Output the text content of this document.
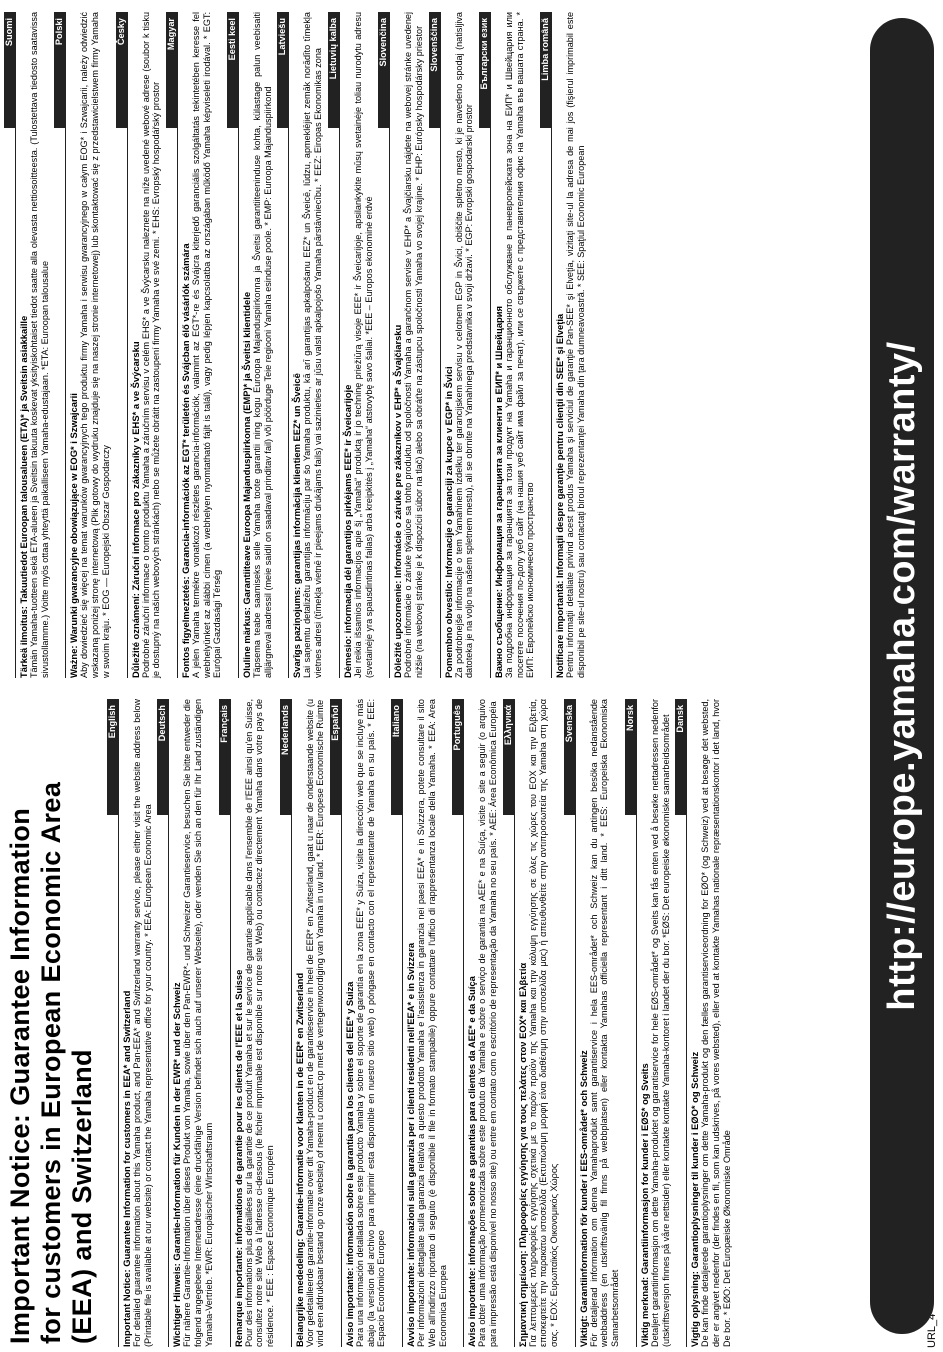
URL_4
Important Notice: Guarantee Information for customers in European Economic Area (EEA) and Switzerland
English
Important Notice: Guarantee Information for customers in EEA* and Switzerland For detailed guarantee information about this Yamaha product, and Pan-EEA* and Switzerland warranty service, please either visit the website address below (Printable file is available at our website) or contact the Yamaha representative office for your country. * EEA: European Economic Area
Deutsch
Wichtiger Hinweis: Garantie-Information für Kunden in der EWR* und der Schweiz Für nähere Garantie-Information über dieses Produkt von Yamaha, sowie über den Pan-EWR*- und Schweizer Garantieservice, besuchen Sie bitte entweder die folgend angegebene Internetadresse (eine druckfähige Version befindet sich auch auf unserer Webseite), oder wenden Sie sich an den für Ihr Land zuständigen Yamaha-Vertrieb. *EWR: Europäischer Wirtschaftsraum
Français
Remarque importante: informations de garantie pour les clients de l'EEE et la Suisse Pour des informations plus détaillées sur la garantie de ce produit Yamaha et sur le service de garantie applicable dans l'ensemble de l'EEE ainsi qu'en Suisse, consultez notre site Web à l'adresse ci-dessous (le fichier imprimable est disponible sur notre site Web) ou contactez directement Yamaha dans votre pays de résidence. * EEE : Espace Economique Européen
Nederlands
Belangrijke mededeling: Garantie-informatie voor klanten in de EER* en Zwitserland Voor gedetailleerde garantie-informatie over dit Yamaha-product en de garantieservice in heel de EER* en Zwitserland, gaat u naar de onderstaande website (u vind een afdrukbaar bestand op onze website) of neemt u contact op met de vertegenwoordiging van Yamaha in uw land. * EER: Europese Economische Ruimte Español
Aviso importante: información sobre la garantía para los clientes del EEE* y Suiza Para una información detallada sobre este producto Yamaha y sobre el soporte de garantía en la zona EEE* y Suiza, visite la dirección web que se incluye más abajo (la version del archivo para imprimir esta disponible en nuestro sitio web) o póngase en contacto con el representante de Yamaha en su país. * EEE: Espacio Económico Europeo
Italiano
Avviso importante: informazioni sulla garanzia per i clienti residenti nell'EEA* e in Svizzera Per informazioni dettagliate sulla garanzia relativa a questo prodotto Yamaha e l'assistenza in garanzia nei paesi EEA* e in Svizzera, potete consultare il sito Web all'indirizzo riportato di seguito (è disponibile il file in formato stampabile) oppure contattare l'ufficio di rappresentanza locale della Yamaha. * EEA: Area Economica Europea
Português
Aviso importante: informações sobre as garantias para clientes da AEE* e da Suíça Para obter uma informação pormenorizada sobre este produto da Yamaha e sobre o serviço de garantia na AEE* e na Suíça, visite o site a seguir (o arquivo para impressão está disponível no nosso site) ou entre em contato com o escritório de representação da Yamaha no seu país. * AEE: Área Econômica Européia Ελληνικά
Σημαντική σημείωση: Πληροφορίες εγγύησης για τους πελάτες στον ΕΟΧ* και Ελβετία Για λεπτομερείς πληροφορίες εγγύησης σχετικά με το παρόν προϊόν της Yamaha και την κάλυψη εγγύησης σε όλες τις χώρες του ΕΟΧ και την Ελβετία, επισκεφτείτε την παρακάτω ιστοσελίδα (Εκτυπώσιμη μορφή είναι διαθέσιμη στην ιστοσελίδα μας) ή απευθυνθείτε στην αντιπροσωπεία της Yamaha στη χώρα σας. * ΕΟΧ: Ευρωπαϊκός Οικονομικός Χώρος
Svenska
Viktigt: Garantiinformation för kunder i EES-området* och Schweiz För detaljerad information om denna Yamahaprodukt samt garantiservice i hela EES-området* och Schweiz kan du antingen besöka nedanstående webbaddress (en utskriftsvänlig fil finns på webbplatsen) eller kontakta Yamahas officiella representant i ditt land. * EES: Europeiska Ekonomiska Samarbetsområdet
Norsk
Viktig merknad: Garantiinformasjon for kunder i EØS* og Sveits Detaljert garantiinformasjon om dette Yamaha-produktet og garantiservice for hele EØS-området* og Sveits kan fås enten ved å besøke nettadressen nedenfor (utskriftsversjon finnes på våre nettsider) eller kontakte kontakte Yamaha-kontoret i landet der du bor. *EØS: Det europeiske økonomiske samarbeidsområdet Dansk
Vigtig oplysning: Garantioplysninger til kunder i EØO* og Schweiz De kan finde detaljerede garantioplysninger om dette Yamaha-produkt og den fælles garantiserviceordning for EØO* (og Schweiz) ved at besøge det websted, der er angivet nedenfor (der findes en fil, som kan udskrives, på vores websted), eller ved at kontakte Yamahas nationale repræsentationskontor i det land, hvor De bor. * EØO: Det Europæiske Økonomiske Område
Suomi
Tärkeä ilmoitus: Takuutiedot Euroopan talousalueen (ETA)* ja Sveitsin asiakkaille Tämän Yamaha-tuotteen sekä ETA-alueen ja Sveitsin takuuta koskevat yksityiskohtaiset tiedot saatte alla olevasta nettiosoitteesta. (Tulostettava tiedosto saatavissa sivustollamme.) Voitte myös ottaa yhteyttä paikalliseen Yamaha-edustajaan. *ETA: Euroopan talousalue
Polski
Ważne: Warunki gwarancyjne obowiązujące w EOG* i Szwajcarii Aby dowiedzieć się więcej na temat warunków gwarancyjnych tego produktu firmy Yamaha i serwisu gwarancyjnego w całym EOG* i Szwajcarii, należy odwiedzić wskazaną poniżej stronę internetową (Plik gotowy do wydruku znajduje się na naszej stronie internetowej) lub skontaktować się z przedstawicielstwem firmy Yamaha w swoim kraju. * EOG — Europejski Obszar Gospodarczy
Česky
Důležité oznámení: Záruční informace pro zákazníky v EHS* a ve Švýcarsku Podrobné záruční informace o tomto produktu Yamaha a záručním servisu v celém EHS* a ve Švýcarsku naleznete na níže uvedené webové adrese (soubor k tisku je dostupný na našich webových stránkách) nebo se můžete obrátit na zastoupení firmy Yamaha ve své zemi. * EHS: Evropský hospodářský prostor
Magyar
Fontos figyelmeztetés: Garancia-információk az EGT* területén és Svájcban élő vásárlók számára A jelen Yamaha termékre vonatkozó részletes garancia-információk, valamint az EGT*-re és Svájcra kiterjedő garanciális szolgáltatás tekintetében keresse fel webhelyünket az alábbi címen (a webhelyen nyomtatható fájlt is talál), vagy pedig lépjen kapcsolatba az országában működő Yamaha képviseleti irodával. * EGT: Európai Gazdasági Térség
Eesti keel
Oluline märkus: Garantiiteave Euroopa Majanduspiirkonna (EMP)* ja Šveitsi klientidele Täpsema teabe saamiseks selle Yamaha toote garantii ning kogu Euroopa Majanduspiirkonna ja Šveitsi garantiiteeninduse kohta, külastage palun veebisaiti alljärgneval aadressil (meie saidil on saadaval prinditav fail) või pöörduge Teie regiooni Yamaha esinduse poole. * EMP: Euroopa Majanduspiirkond
Latviešu
Svarīgs paziņojums: garantijas informācija klientiem EEZ* un Šveicē Lai saņemtu detalizētu garantijas informāciju par šo Yamaha produktu, kā arī garantijas apkalpošanu EEZ* un Šveicē, lūdzu, apmeklējiet zemāk norādīto tīmekļa vietnes adresi (tīmekļa vietnē ir pieejams drukājams fails) vai sazinieties ar jūsu valsti apkalpojošo Yamaha pārstāvniecību. * EEZ: Eiropas Ekonomikas zona Lietuvių kalba
Dėmesio: informacija dėl garantijos pirkėjams EEE* ir Šveicarijoje Jei reikia išsamios informacijos apie šį „Yamaha“ produktą ir jo techninę priežiūrą visoje EEE* ir Šveicarijoje, apsilankykite mūsų svetainėje toliau nurodytu adresu (svetainėje yra spausdintinas failas) arba kreipkitės į „Yamaha“ atstovybę savo šaliai. *EEE – Europos ekonominė erdvė
Slovenčina
Dôležité upozornenie: Informácie o záruke pre zákazníkov v EHP* a Švajčiarsku Podrobné informácie o záruke týkajúce sa tohto produktu od spoločnosti Yamaha a garančnom servise v EHP* a Švajčiarsku nájdete na webovej stránke uvedenej nižšie (na webovej stránke je k dispozícii súbor na tlač) alebo sa obráťte na zástupcu spoločnosti Yamaha vo svojej krajine. * EHP: Európsky hospodársky priestor Slovenščina
Pomembno obvestilo: Informacije o garanciji za kupce v EGP* in Švici Za podrobnejše informacije o tem Yamahinem izdelku ter garancijskem servisu v celotnem EGP in Švici, obiščite spletno mesto, ki je navedeno spodaj (natisljiva datoteka je na voljo na našem spletnem mestu), ali se obrnite na Yamahinega predstavnika v svoji državi. * EGP: Evropski gospodarski prostor
Български език
Важно съобщение: Информация за гаранцията за клиенти в ЕИП* и Швейцария За подробна информация за гаранцията за този продукт на Yamaha и гаранционното обслужване в паневропейската зона на ЕИП* и Швейцария или посетете посочения по-долу уеб сайт (на нашия уеб сайт има файл за печат), или се свържете с представителния офис на Yamaha във вашата страна. * ЕИП: Европейско икономическо пространство
Limba română
Notificare importantă: Informaţii despre garanţie pentru clienţii din SEE* şi Elveţia Pentru informaţii detaliate privind acest produs Yamaha şi serviciul de garanţie Pan-SEE* şi Elveţia, vizitaţi site-ul la adresa de mai jos (fişierul imprimabil este disponibil pe site-ul nostru) sau contactaţi biroul reprezentanţei Yamaha din ţara dumneavoastră. * SEE: Spaţiul Economic European	http://europe.yamaha.com/warranty/
